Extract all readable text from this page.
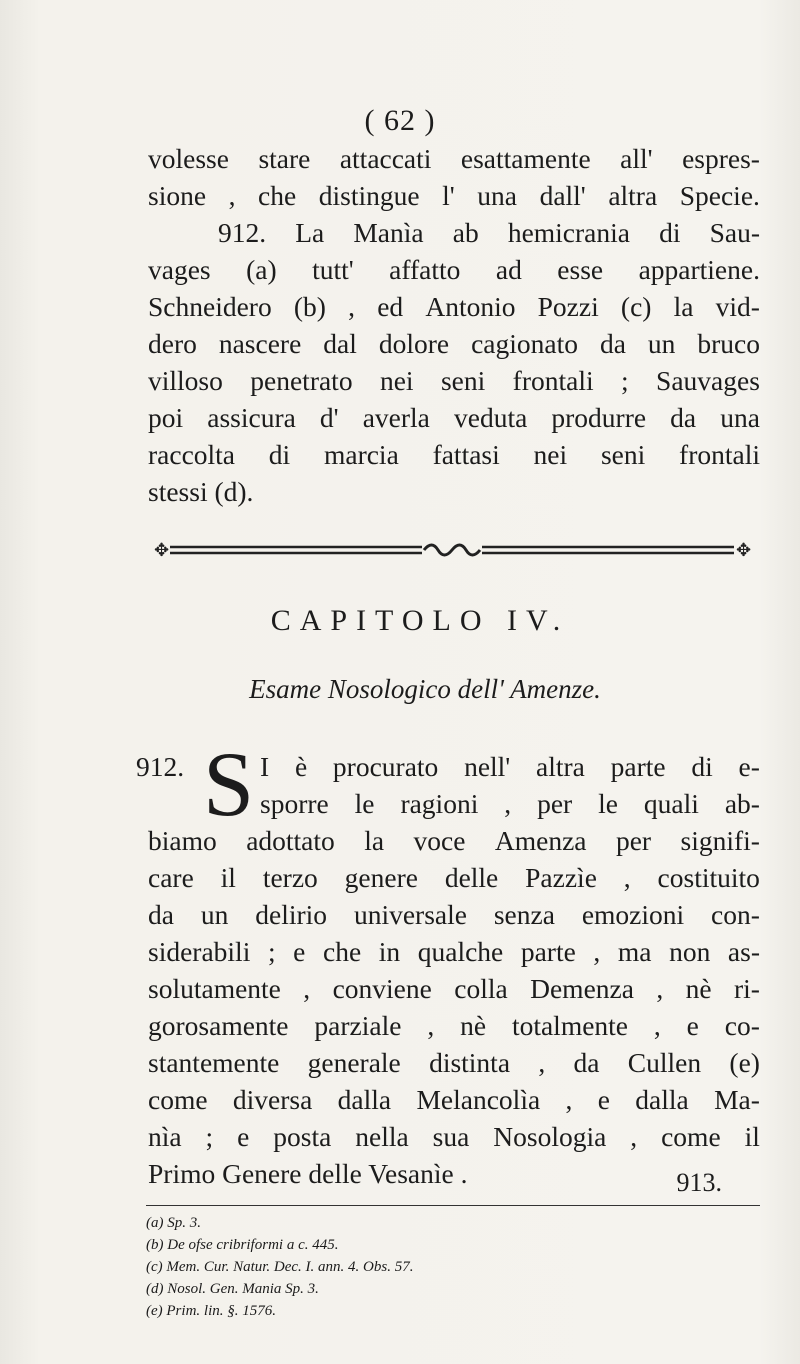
( 62 )
volesse stare attaccati esattamente all' espres-
sione , che distingue l' una dall' altra Specie.
912. La Manìa ab hemicrania di Sau-
vages (a) tutt' affatto ad esse appartiene.
Schneidero (b) , ed Antonio Pozzi (c) la vid-
dero nascere dal dolore cagionato da un bruco
villoso penetrato nei seni frontali ; Sauvages
poi assicura d' averla veduta produrre da una
raccolta di marcia fattasi nei seni frontali
stessi (d).
✥	✥
CAPITOLO IV.
Esame Nosologico dell' Amenze.
912. S I è procurato nell' altra parte di e-
sporre le ragioni , per le quali ab-
biamo adottato la voce Amenza per signifi-
care il terzo genere delle Pazzìe , costituito
da un delirio universale senza emozioni con-
siderabili ; e che in qualche parte , ma non as-
solutamente , conviene colla Demenza , nè ri-
gorosamente parziale , nè totalmente , e co-
stantemente generale distinta , da Cullen (e)
come diversa dalla Melancolìa , e dalla Ma-
nìa ; e posta nella sua Nosologia , come il
Primo Genere delle Vesanìe .	913.
(a) Sp. 3.
(b) De ofse cribriformi a c. 445.
(c) Mem. Cur. Natur. Dec. I. ann. 4. Obs. 57.
(d) Nosol. Gen. Mania Sp. 3.
(e) Prim. lin. §. 1576.
